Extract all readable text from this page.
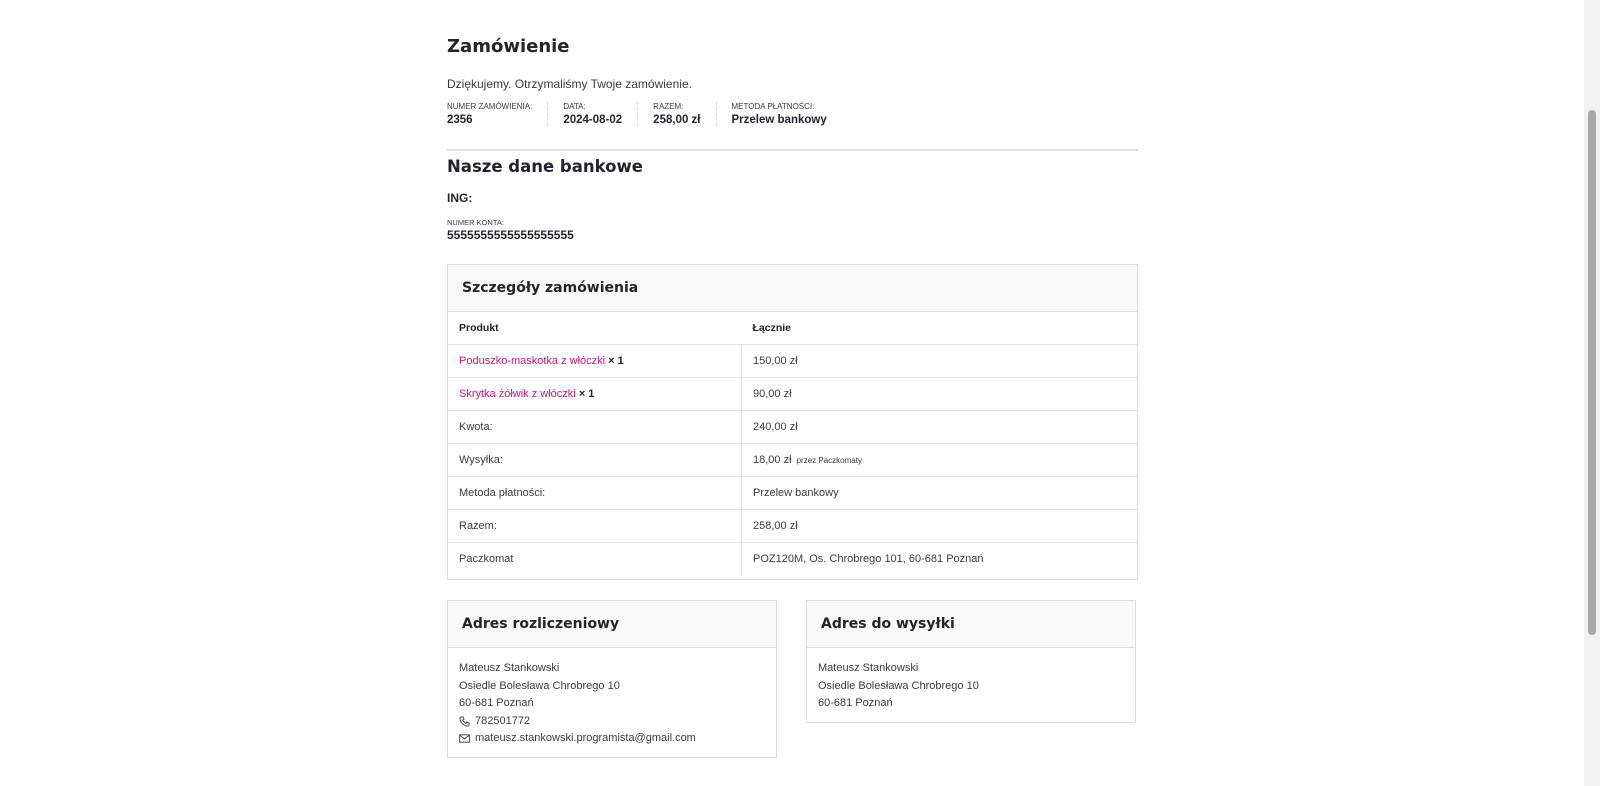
Zamówienie
Dziękujemy. Otrzymaliśmy Twoje zamówienie.
NUMER ZAMÓWIENIA:
2356
DATA:
2024-08-02
RAZEM:
258,00 zł
METODA PŁATNOŚCI:
Przelew bankowy
Nasze dane bankowe
ING:
NUMER KONTA:
5555555555555555555
Szczegóły zamówienia
Produkt	Łącznie
Poduszko-maskotka z włóczki × 1	150,00 zł
Skrytka żółwik z włóczki × 1	90,00 zł
Kwota:	240,00 zł
Wysyłka:	18,00 zł przez Paczkomaty
Metoda płatności:	Przelew bankowy
Razem:	258,00 zł
Paczkomat	POZ120M, Os. Chrobrego 101, 60-681 Poznań
Adres rozliczeniowy
Mateusz Stankowski
Osiedle Bolesława Chrobrego 10
60-681 Poznań
782501772
mateusz.stankowski.programista@gmail.com
Adres do wysyłki
Mateusz Stankowski
Osiedle Bolesława Chrobrego 10
60-681 Poznań
